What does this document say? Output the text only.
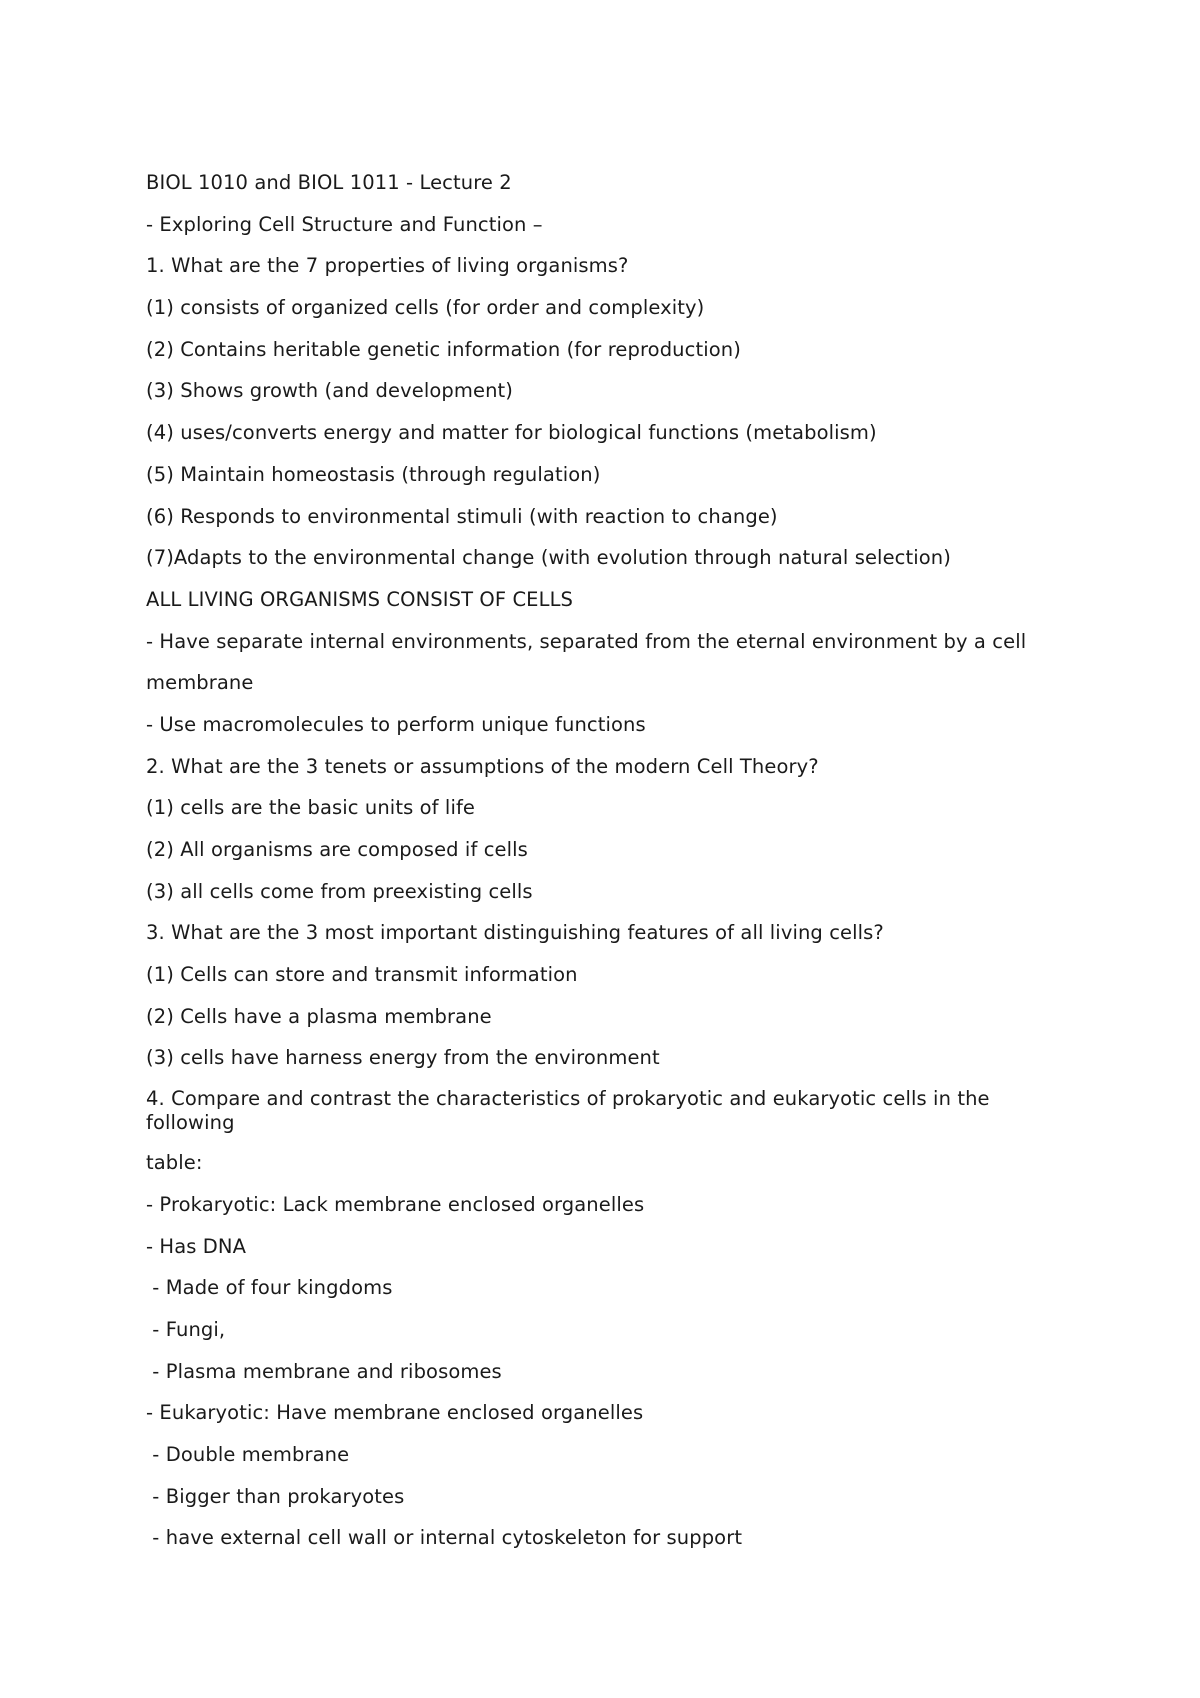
BIOL 1010 and BIOL 1011 - Lecture 2
- Exploring Cell Structure and Function –
1. What are the 7 properties of living organisms?
(1) consists of organized cells (for order and complexity)
(2) Contains heritable genetic information (for reproduction)
(3) Shows growth (and development)
(4) uses/converts energy and matter for biological functions (metabolism)
(5) Maintain homeostasis (through regulation)
(6) Responds to environmental stimuli (with reaction to change)
(7)Adapts to the environmental change (with evolution through natural selection)
ALL LIVING ORGANISMS CONSIST OF CELLS
- Have separate internal environments, separated from the eternal environment by a cell
membrane
- Use macromolecules to perform unique functions
2. What are the 3 tenets or assumptions of the modern Cell Theory?
(1) cells are the basic units of life
(2) All organisms are composed if cells
(3) all cells come from preexisting cells
3. What are the 3 most important distinguishing features of all living cells?
(1) Cells can store and transmit information
(2) Cells have a plasma membrane
(3) cells have harness energy from the environment
4. Compare and contrast the characteristics of prokaryotic and eukaryotic cells in the following
table:
- Prokaryotic: Lack membrane enclosed organelles
- Has DNA
- Made of four kingdoms
- Fungi,
- Plasma membrane and ribosomes
- Eukaryotic: Have membrane enclosed organelles
- Double membrane
- Bigger than prokaryotes
- have external cell wall or internal cytoskeleton for support
